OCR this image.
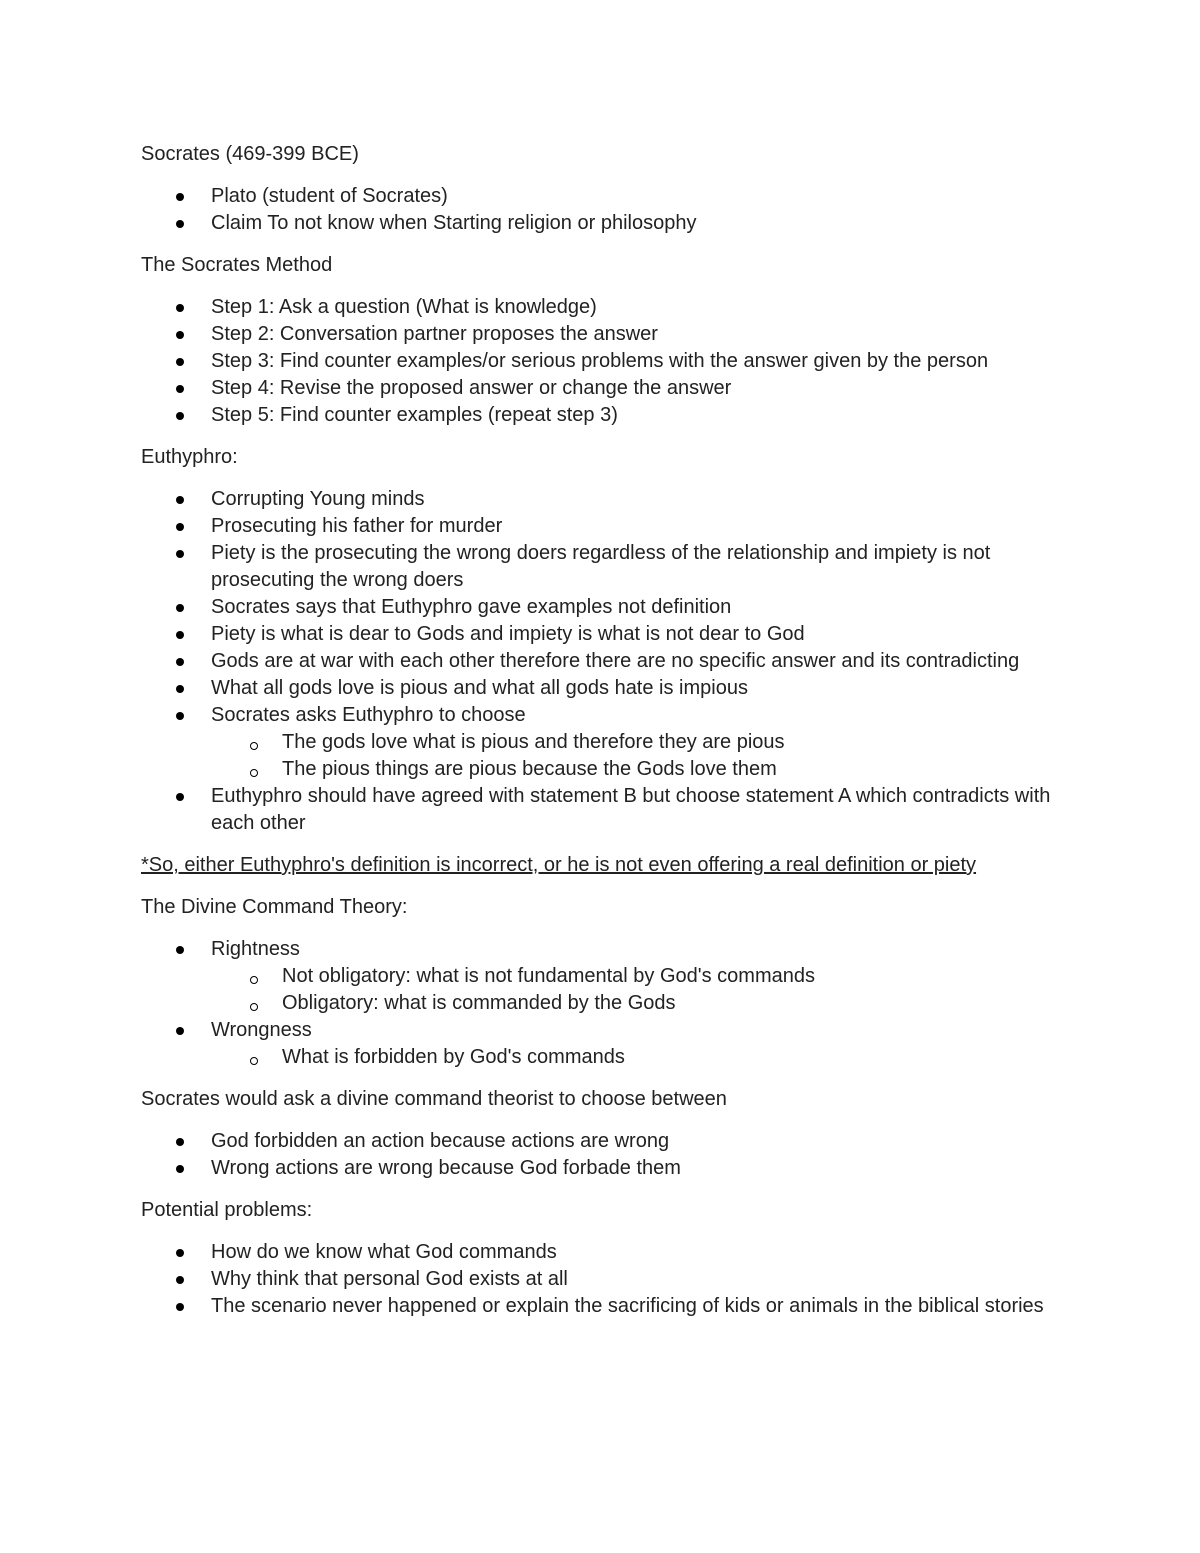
Socrates (469-399 BCE)
Plato (student of Socrates)
Claim To not know when Starting religion or philosophy
The Socrates Method
Step 1: Ask a question (What is knowledge)
Step 2: Conversation partner proposes the answer
Step 3: Find counter examples/or serious problems with the answer given by the person
Step 4: Revise the proposed answer or change the answer
Step 5: Find counter examples (repeat step 3)
Euthyphro:
Corrupting Young minds
Prosecuting his father for murder
Piety is the prosecuting the wrong doers regardless of the relationship and impiety is not prosecuting the wrong doers
Socrates says that Euthyphro gave examples not definition
Piety is what is dear to Gods and impiety is what is not dear to God
Gods are at war with each other therefore there are no specific answer and its contradicting
What all gods love is pious and what all gods hate is impious
Socrates asks Euthyphro to choose
The gods love what is pious and therefore they are pious
The pious things are pious because the Gods love them
Euthyphro should have agreed with statement B but choose statement A which contradicts with each other
*So, either Euthyphro's definition is incorrect, or he is not even offering a real definition or piety
The Divine Command Theory:
Rightness
Not obligatory: what is not fundamental by God's commands
Obligatory: what is commanded by the Gods
Wrongness
What is forbidden by God's commands
Socrates would ask a divine command theorist to choose between
God forbidden an action because actions are wrong
Wrong actions are wrong because God forbade them
Potential problems:
How do we know what God commands
Why think that personal God exists at all
The scenario never happened or explain the sacrificing of kids or animals in the biblical stories
